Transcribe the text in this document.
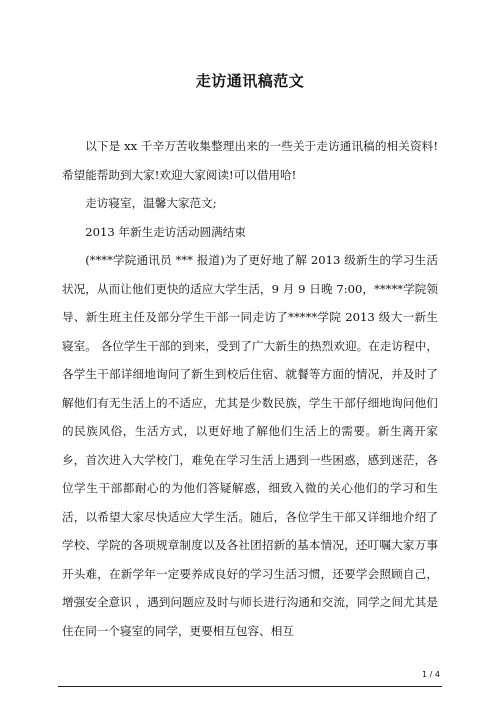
走访通讯稿范文

以下是 xx 千辛万苦收集整理出来的一些关于走访通讯稿的相关资料!希望能帮助到大家!欢迎大家阅读!可以借用哈!

走访寝室，温馨大家范文;

2013 年新生走访活动圆满结束

(****学院通讯员 *** 报道)为了更好地了解 2013 级新生的学习生活状况，从而让他们更快的适应大学生活，9 月 9 日晚 7:00，*****学院领导、新生班主任及部分学生干部一同走访了*****学院 2013 级大一新生寝室。 各位学生干部的到来，受到了广大新生的热烈欢迎。在走访程中，各学生干部详细地询问了新生到校后住宿、就餐等方面的情况，并及时了解他们有无生活上的不适应，尤其是少数民族，学生干部仔细地询问他们的民族风俗，生活方式，以更好地了解他们生活上的需要。新生离开家乡，首次进入大学校门，难免在学习生活上遇到一些困惑，感到迷茫，各位学生干部都耐心的为他们答疑解惑，细致入微的关心他们的学习和生活，以希望大家尽快适应大学生活。随后，各位学生干部又详细地介绍了学校、学院的各项规章制度以及各社团招新的基本情况，还叮嘱大家万事开头难，在新学年一定要养成良好的学习生活习惯，还要学会照顾自己，增强安全意识 ，遇到问题应及时与师长进行沟通和交流，同学之间尤其是住在同一个寝室的同学，更要相互包容、相互

1 / 4
